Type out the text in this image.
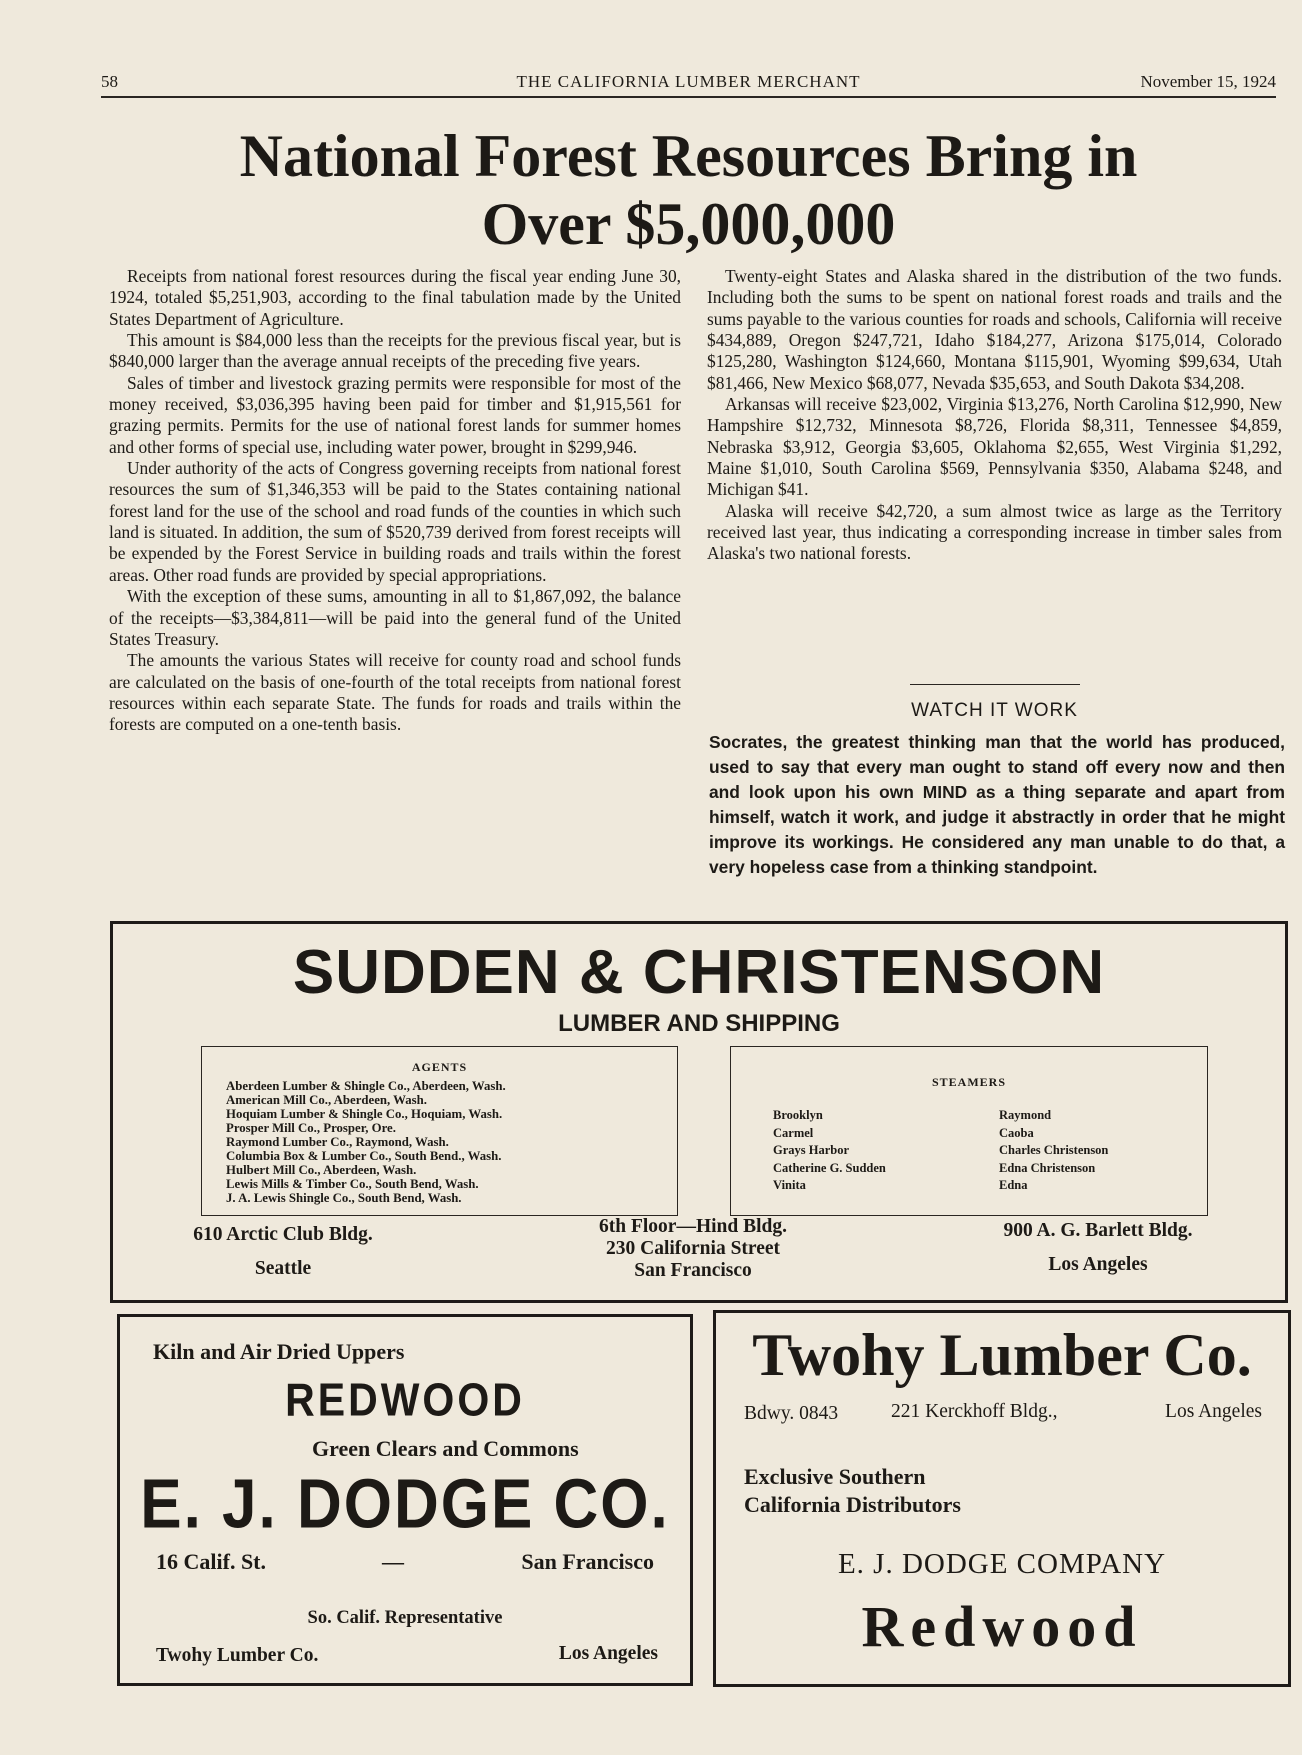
58	THE CALIFORNIA LUMBER MERCHANT	November 15, 1924
National Forest Resources Bring in
Over $5,000,000

Receipts from national forest resources during the fiscal year ending June 30, 1924, totaled $5,251,903, according to the final tabulation made by the United States Department of Agriculture.

This amount is $84,000 less than the receipts for the previous fiscal year, but is $840,000 larger than the average annual receipts of the preceding five years.

Sales of timber and livestock grazing permits were responsible for most of the money received, $3,036,395 having been paid for timber and $1,915,561 for grazing permits. Permits for the use of national forest lands for summer homes and other forms of special use, including water power, brought in $299,946.

Under authority of the acts of Congress governing receipts from national forest resources the sum of $1,346,353 will be paid to the States containing national forest land for the use of the school and road funds of the counties in which such land is situated. In addition, the sum of $520,739 derived from forest receipts will be expended by the Forest Service in building roads and trails within the forest areas. Other road funds are provided by special appropriations.

With the exception of these sums, amounting in all to $1,867,092, the balance of the receipts—$3,384,811—will be paid into the general fund of the United States Treasury.

The amounts the various States will receive for county road and school funds are calculated on the basis of one-fourth of the total receipts from national forest resources within each separate State. The funds for roads and trails within the forests are computed on a one-tenth basis.

Twenty-eight States and Alaska shared in the distribution of the two funds. Including both the sums to be spent on national forest roads and trails and the sums payable to the various counties for roads and schools, California will receive $434,889, Oregon $247,721, Idaho $184,277, Arizona $175,014, Colorado $125,280, Washington $124,660, Montana $115,901, Wyoming $99,634, Utah $81,466, New Mexico $68,077, Nevada $35,653, and South Dakota $34,208.

Arkansas will receive $23,002, Virginia $13,276, North Carolina $12,990, New Hampshire $12,732, Minnesota $8,726, Florida $8,311, Tennessee $4,859, Nebraska $3,912, Georgia $3,605, Oklahoma $2,655, West Virginia $1,292, Maine $1,010, South Carolina $569, Pennsylvania $350, Alabama $248, and Michigan $41.

Alaska will receive $42,720, a sum almost twice as large as the Territory received last year, thus indicating a corresponding increase in timber sales from Alaska's two national forests.

WATCH IT WORK
Socrates, the greatest thinking man that the world has produced, used to say that every man ought to stand off every now and then and look upon his own MIND as a thing separate and apart from himself, watch it work, and judge it abstractly in order that he might improve its workings. He considered any man unable to do that, a very hopeless case from a thinking standpoint.
SUDDEN & CHRISTENSON
LUMBER AND SHIPPING
AGENTS
Aberdeen Lumber & Shingle Co., Aberdeen, Wash.
American Mill Co., Aberdeen, Wash.
Hoquiam Lumber & Shingle Co., Hoquiam, Wash.
Prosper Mill Co., Prosper, Ore.
Raymond Lumber Co., Raymond, Wash.
Columbia Box & Lumber Co., South Bend., Wash.
Hulbert Mill Co., Aberdeen, Wash.
Lewis Mills & Timber Co., South Bend, Wash.
J. A. Lewis Shingle Co., South Bend, Wash.
STEAMERS
Brooklyn
Carmel
Grays Harbor
Catherine G. Sudden
Vinita
Raymond
Caoba
Charles Christenson
Edna Christenson
Edna
610 Arctic Club Bldg.
Seattle
6th Floor—Hind Bldg.
230 California Street
San Francisco
900 A. G. Barlett Bldg.
Los Angeles
Kiln and Air Dried Uppers
REDWOOD
Green Clears and Commons
E. J. DODGE CO.
16 Calif. St.	—	San Francisco
So. Calif. Representative
Twohy Lumber Co.	Los Angeles
Twohy Lumber Co.
Bdwy. 0843	221 Kerckhoff Bldg.,	Los Angeles
Exclusive Southern
California Distributors
E. J. DODGE COMPANY
Redwood
